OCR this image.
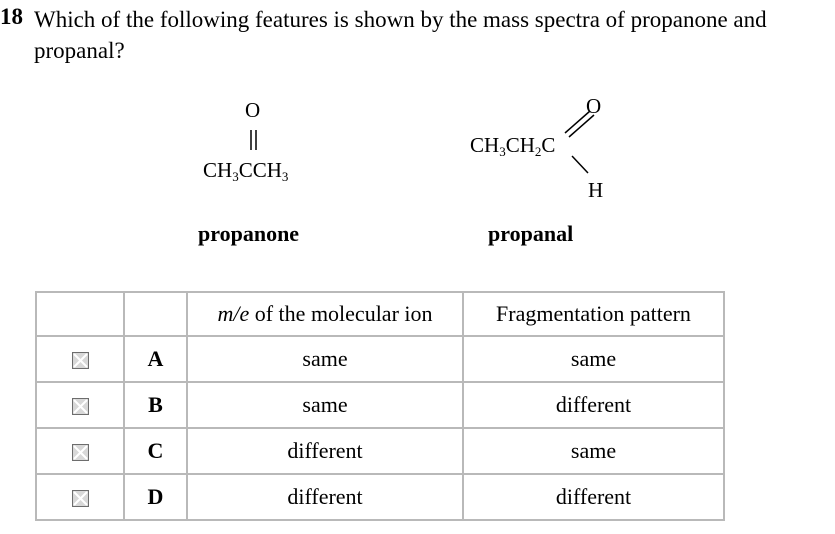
18 Which of the following features is shown by the mass spectra of propanone and propanal?
O
$CH_3CCH_3$
propanone
O
$CH_3CH_2C$
H
propanal
		m/e of the molecular ion	Fragmentation pattern
	A	same	same
	B	same	different
	C	different	same
	D	different	different
